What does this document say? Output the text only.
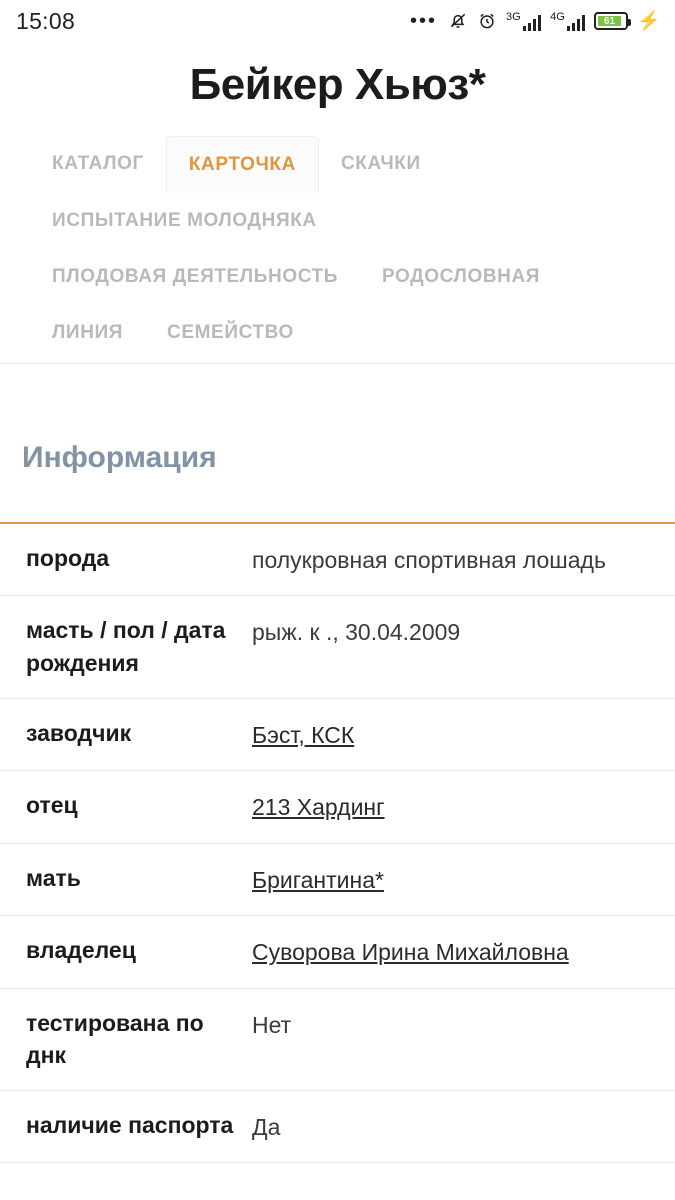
15:08	•••	3G	4G	61 ⚡
Бейкер Хьюз*
КАТАЛОГ	КАРТОЧКА	СКАЧКИ
ИСПЫТАНИЕ МОЛОДНЯКА
ПЛОДОВАЯ ДЕЯТЕЛЬНОСТЬ	РОДОСЛОВНАЯ
ЛИНИЯ	СЕМЕЙСТВО
Информация
порода	полукровная спортивная лошадь
масть / пол / дата рождения	рыж. к ., 30.04.2009
заводчик	Бэст, КСК
отец	213 Хардинг
мать	Бригантина*
владелец	Суворова Ирина Михайловна
тестирована по днк	Нет
наличие паспорта	Да
